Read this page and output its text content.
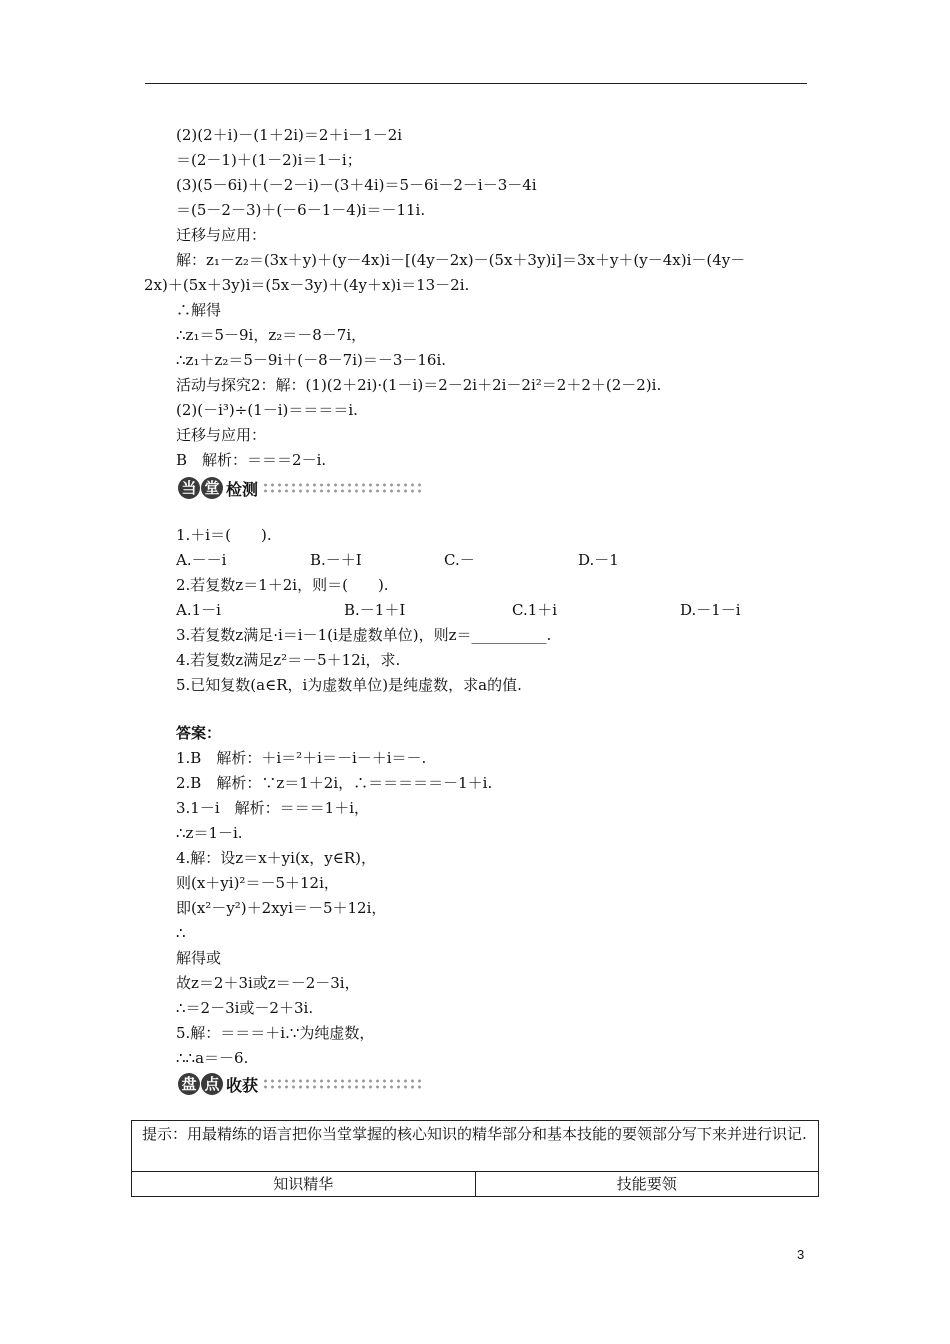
(2)(2＋i)－(1＋2i)＝2＋i－1－2i
＝(2－1)＋(1－2)i＝1－i；
(3)(5－6i)＋(－2－i)－(3＋4i)＝5－6i－2－i－3－4i
＝(5－2－3)＋(－6－1－4)i＝－11i.
迁移与应用：
解：z₁－z₂＝(3x＋y)＋(y－4x)i－[(4y－2x)－(5x＋3y)i]＝3x＋y＋(y－4x)i－(4y－
2x)＋(5x＋3y)i＝(5x－3y)＋(4y＋x)i＝13－2i.
∴解得
∴z₁＝5－9i，z₂＝－8－7i，
∴z₁＋z₂＝5－9i＋(－8－7i)＝－3－16i.
活动与探究2：解：(1)(2＋2i)·(1－i)＝2－2i＋2i－2i²＝2＋2＋(2－2)i.
(2)(－i³)÷(1－i)＝＝＝＝i.
迁移与应用：
B　解析：＝＝＝2－i.
当 堂 检测
1.＋i＝(　　).
A.－－i	B.－＋I	C.－	D.－1
2.若复数z＝1＋2i，则＝(　　).
A.1－i	B.－1＋I	C.1＋i	D.－1－i
3.若复数z满足·i＝i－1(i是虚数单位)，则z＝__________.
4.若复数z满足z²＝－5＋12i，求.
5.已知复数(a∈R，i为虚数单位)是纯虚数，求a的值.
答案：
1.B　解析：＋i＝²＋i＝－i－＋i＝－.
2.B　解析：∵z＝1＋2i，∴＝＝＝＝＝－1＋i.
3.1－i　解析：＝＝＝1＋i，
∴z＝1－i.
4.解：设z＝x＋yi(x，y∈R)，
则(x＋yi)²＝－5＋12i，
即(x²－y²)＋2xyi＝－5＋12i，
∴
解得或
故z＝2＋3i或z＝－2－3i，
∴＝2－3i或－2＋3i.
5.解：＝＝＝＋i.∵为纯虚数，
∴∴a＝－6.
盘 点 收获
提示：用最精练的语言把你当堂掌握的核心知识的精华部分和基本技能的要领部分写下来并进行识记.
知识精华	技能要领
3
